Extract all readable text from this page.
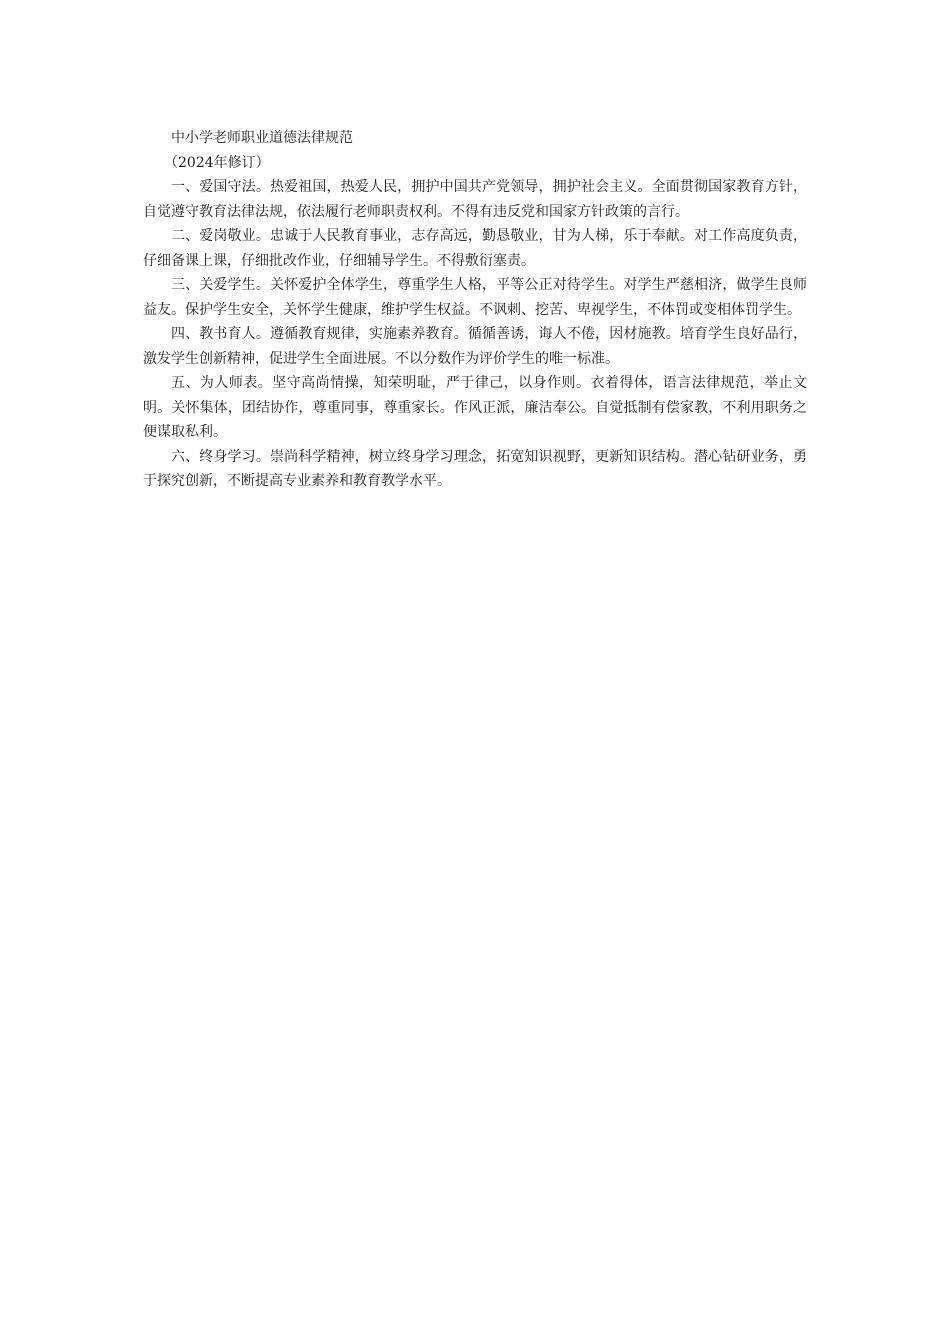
中小学老师职业道德法律规范

（2024年修订）

一、爱国守法。热爱祖国，热爱人民，拥护中国共产党领导，拥护社会主义。全面贯彻国家教育方针，自觉遵守教育法律法规，依法履行老师职责权利。不得有违反党和国家方针政策的言行。

二、爱岗敬业。忠诚于人民教育事业，志存高远，勤恳敬业，甘为人梯，乐于奉献。对工作高度负责，仔细备课上课，仔细批改作业，仔细辅导学生。不得敷衍塞责。

三、关爱学生。关怀爱护全体学生，尊重学生人格，平等公正对待学生。对学生严慈相济，做学生良师益友。保护学生安全，关怀学生健康，维护学生权益。不讽刺、挖苦、卑视学生，不体罚或变相体罚学生。

四、教书育人。遵循教育规律，实施素养教育。循循善诱，诲人不倦，因材施教。培育学生良好品行，激发学生创新精神，促进学生全面进展。不以分数作为评价学生的唯一标准。

五、为人师表。坚守高尚情操，知荣明耻，严于律己，以身作则。衣着得体，语言法律规范，举止文明。关怀集体，团结协作，尊重同事，尊重家长。作风正派，廉洁奉公。自觉抵制有偿家教，不利用职务之便谋取私利。

六、终身学习。崇尚科学精神，树立终身学习理念，拓宽知识视野，更新知识结构。潜心钻研业务，勇于探究创新，不断提高专业素养和教育教学水平。
